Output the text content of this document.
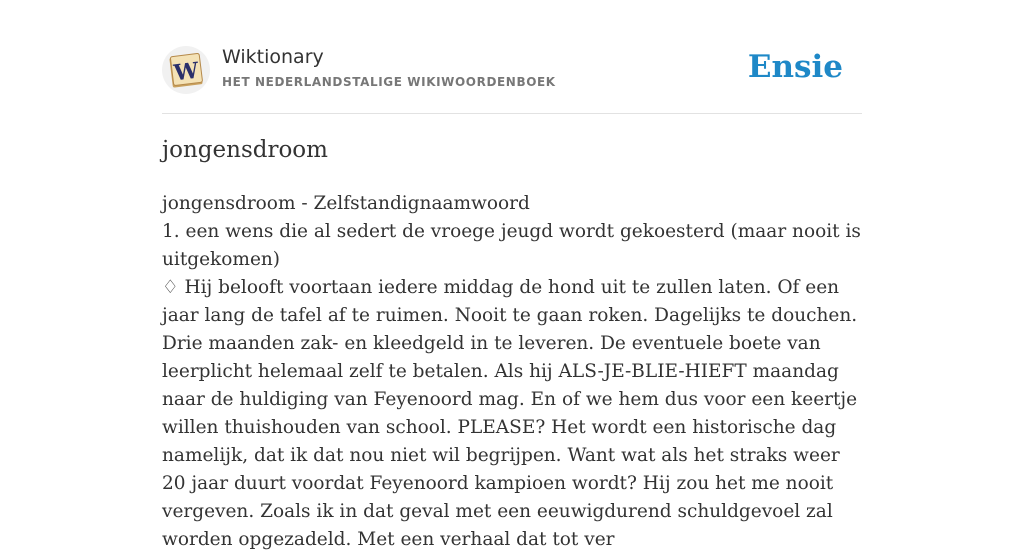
W
Wiktionary
HET NEDERLANDSTALIGE WIKIWOORDENBOEK	Ensie
jongensdroom

jongensdroom - Zelfstandignaamwoord

1. een wens die al sedert de vroege jeugd wordt gekoesterd (maar nooit is uitgekomen)

♢ Hij belooft voortaan iedere middag de hond uit te zullen laten. Of een jaar lang de tafel af te ruimen. Nooit te gaan roken. Dagelijks te douchen. Drie maanden zak- en kleedgeld in te leveren. De eventuele boete van leerplicht helemaal zelf te betalen. Als hij ALS-JE-BLIE-HIEFT maandag naar de huldiging van Feyenoord mag. En of we hem dus voor een keertje willen thuishouden van school. PLEASE? Het wordt een historische dag namelijk, dat ik dat nou niet wil begrijpen. Want wat als het straks weer 20 jaar duurt voordat Feyenoord kampioen wordt? Hij zou het me nooit vergeven. Zoals ik in dat geval met een eeuwigdurend schuldgevoel zal worden opgezadeld. Met een verhaal dat tot ver
